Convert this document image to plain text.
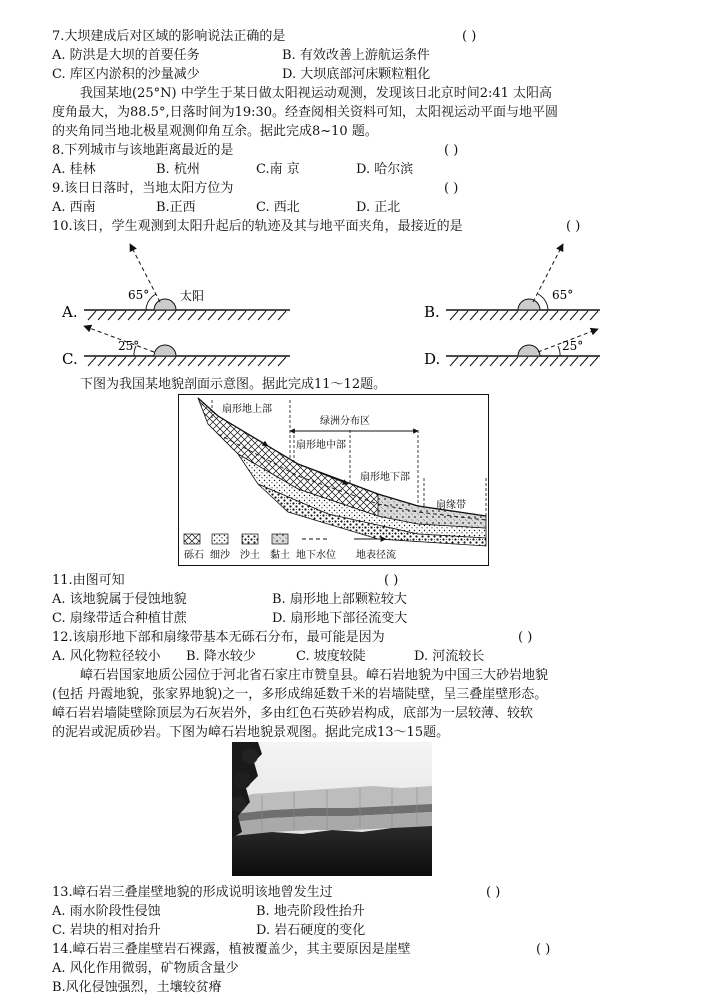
7.大坝建成后对区域的影响说法正确的是	( )
A. 防洪是大坝的首要任务	B. 有效改善上游航运条件
C. 库区内淤积的沙量减少	D. 大坝底部河床颗粒粗化
我国某地(25°N) 中学生于某日做太阳视运动观测，发现该日北京时间2:41 太阳高
度角最大，为88.5°,日落时间为19:30。经查阅相关资料可知，太阳视运动平面与地平圆
的夹角同当地北极星观测仰角互余。据此完成8~10 题。
8.下列城市与该地距离最近的是	( )
A. 桂林	B. 杭州	C.南 京	D. 哈尔滨
9.该日日落时，当地太阳方位为	( )
A. 西南	B.正西	C. 西北	D. 正北
10.该日，学生观测到太阳升起后的轨迹及其与地平面夹角，最接近的是	( )
A.
65°	太阳
B.
65°
C.
25°
D.
25°
下图为我国某地貌剖面示意图。据此完成11～12题。
扇形地上部
绿洲分布区
扇形地中部
扇形地下部
扇缘带
砾石 细沙 沙土 黏土 地下水位 地表径流
11.由图可知	( )
A. 该地貌属于侵蚀地貌	B. 扇形地上部颗粒较大
C. 扇缘带适合种植甘蔗	D. 扇形地下部径流变大
12.该扇形地下部和扇缘带基本无砾石分布，最可能是因为	( )
A. 风化物粒径较小 B. 降水较少	C. 坡度较陡	D. 河流较长
嶂石岩国家地质公园位于河北省石家庄市赞皇县。嶂石岩地貌为中国三大砂岩地貌
(包括 丹霞地貌，张家界地貌)之一，多形成绵延数千米的岩墙陡壁，呈三叠崖壁形态。
嶂石岩岩墙陡壁除顶层为石灰岩外，多由红色石英砂岩构成，底部为一层较薄、较软
的泥岩或泥质砂岩。下图为嶂石岩地貌景观图。据此完成13～15题。
13.嶂石岩三叠崖壁地貌的形成说明该地曾发生过	( )
A. 雨水阶段性侵蚀	B. 地壳阶段性抬升
C. 岩块的相对抬升	D. 岩石硬度的变化
14.嶂石岩三叠崖壁岩石裸露，植被覆盖少，其主要原因是崖壁	( )
A. 风化作用微弱，矿物质含量少
B.风化侵蚀强烈，土壤较贫瘠
